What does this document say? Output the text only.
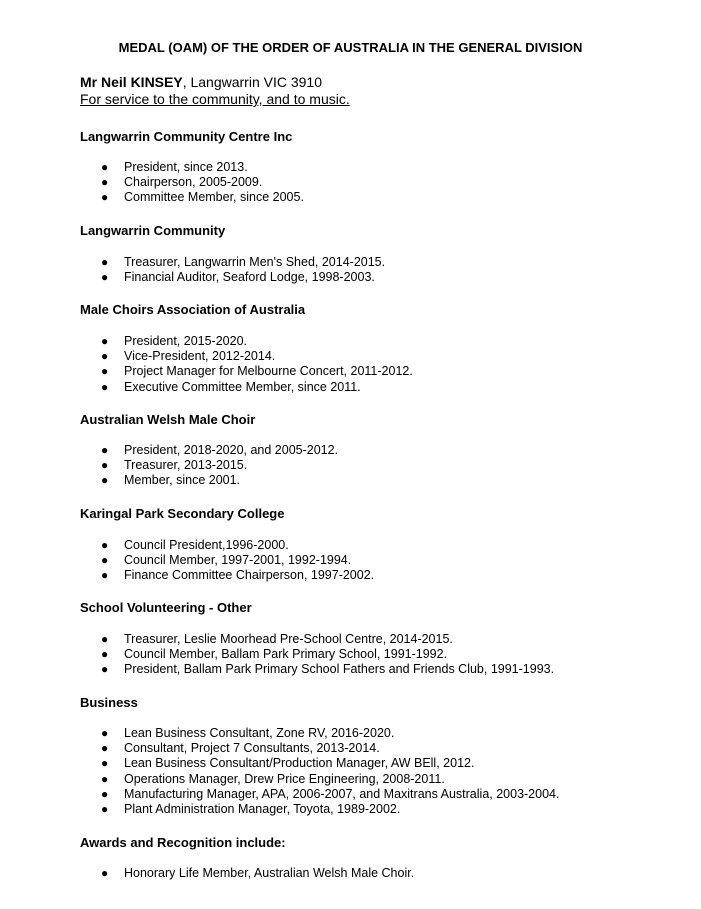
MEDAL (OAM) OF THE ORDER OF AUSTRALIA IN THE GENERAL DIVISION

Mr Neil KINSEY, Langwarrin VIC 3910

For service to the community, and to music.

Langwarrin Community Centre Inc
● President, since 2013.
● Chairperson, 2005-2009.
● Committee Member, since 2005.
Langwarrin Community
● Treasurer, Langwarrin Men's Shed, 2014-2015.
● Financial Auditor, Seaford Lodge, 1998-2003.
Male Choirs Association of Australia
● President, 2015-2020.
● Vice-President, 2012-2014.
● Project Manager for Melbourne Concert, 2011-2012.
● Executive Committee Member, since 2011.
Australian Welsh Male Choir
● President, 2018-2020, and 2005-2012.
● Treasurer, 2013-2015.
● Member, since 2001.
Karingal Park Secondary College
● Council President,1996-2000.
● Council Member, 1997-2001, 1992-1994.
● Finance Committee Chairperson, 1997-2002.
School Volunteering - Other
● Treasurer, Leslie Moorhead Pre-School Centre, 2014-2015.
● Council Member, Ballam Park Primary School, 1991-1992.
● President, Ballam Park Primary School Fathers and Friends Club, 1991-1993.
Business
● Lean Business Consultant, Zone RV, 2016-2020.
● Consultant, Project 7 Consultants, 2013-2014.
● Lean Business Consultant/Production Manager, AW BEll, 2012.
● Operations Manager, Drew Price Engineering, 2008-2011.
● Manufacturing Manager, APA, 2006-2007, and Maxitrans Australia, 2003-2004.
● Plant Administration Manager, Toyota, 1989-2002.
Awards and Recognition include:
● Honorary Life Member, Australian Welsh Male Choir.
